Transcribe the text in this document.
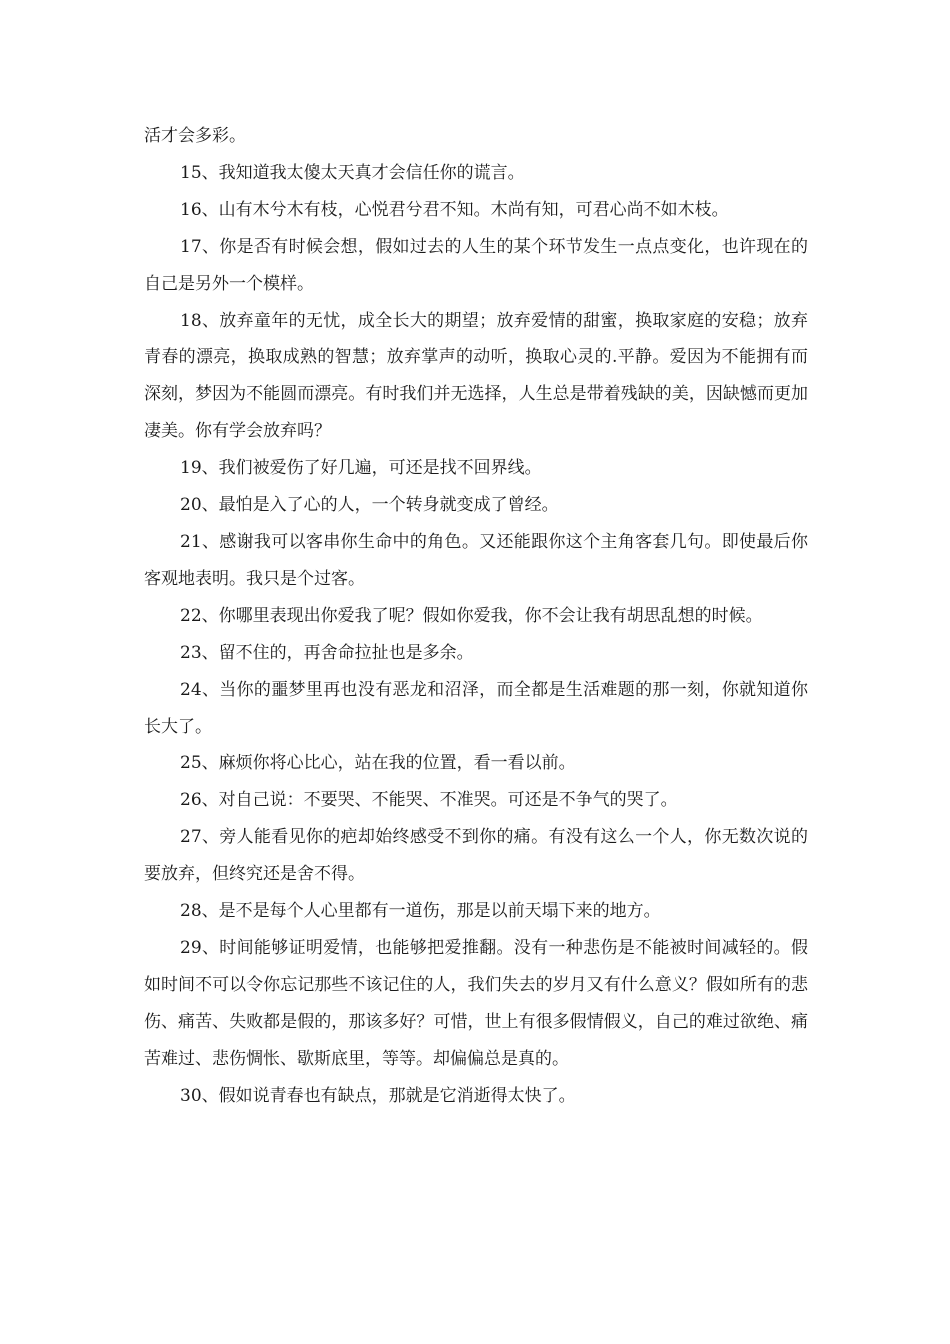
活才会多彩。

15、我知道我太傻太天真才会信任你的谎言。

16、山有木兮木有枝，心悦君兮君不知。木尚有知，可君心尚不如木枝。

17、你是否有时候会想，假如过去的人生的某个环节发生一点点变化，也许现在的自己是另外一个模样。

18、放弃童年的无忧，成全长大的期望；放弃爱情的甜蜜，换取家庭的安稳；放弃青春的漂亮，换取成熟的智慧；放弃掌声的动听，换取心灵的.平静。爱因为不能拥有而深刻，梦因为不能圆而漂亮。有时我们并无选择，人生总是带着残缺的美，因缺憾而更加凄美。你有学会放弃吗？

19、我们被爱伤了好几遍，可还是找不回界线。

20、最怕是入了心的人，一个转身就变成了曾经。

21、感谢我可以客串你生命中的角色。又还能跟你这个主角客套几句。即使最后你客观地表明。我只是个过客。

22、你哪里表现出你爱我了呢？假如你爱我，你不会让我有胡思乱想的时候。

23、留不住的，再舍命拉扯也是多余。

24、当你的噩梦里再也没有恶龙和沼泽，而全都是生活难题的那一刻，你就知道你长大了。

25、麻烦你将心比心，站在我的位置，看一看以前。

26、对自己说：不要哭、不能哭、不准哭。可还是不争气的哭了。

27、旁人能看见你的疤却始终感受不到你的痛。有没有这么一个人，你无数次说的要放弃，但终究还是舍不得。

28、是不是每个人心里都有一道伤，那是以前天塌下来的地方。

29、时间能够证明爱情，也能够把爱推翻。没有一种悲伤是不能被时间减轻的。假如时间不可以令你忘记那些不该记住的人，我们失去的岁月又有什么意义？假如所有的悲伤、痛苦、失败都是假的，那该多好？可惜，世上有很多假情假义，自己的难过欲绝、痛苦难过、悲伤惆怅、歇斯底里，等等。却偏偏总是真的。

30、假如说青春也有缺点，那就是它消逝得太快了。
